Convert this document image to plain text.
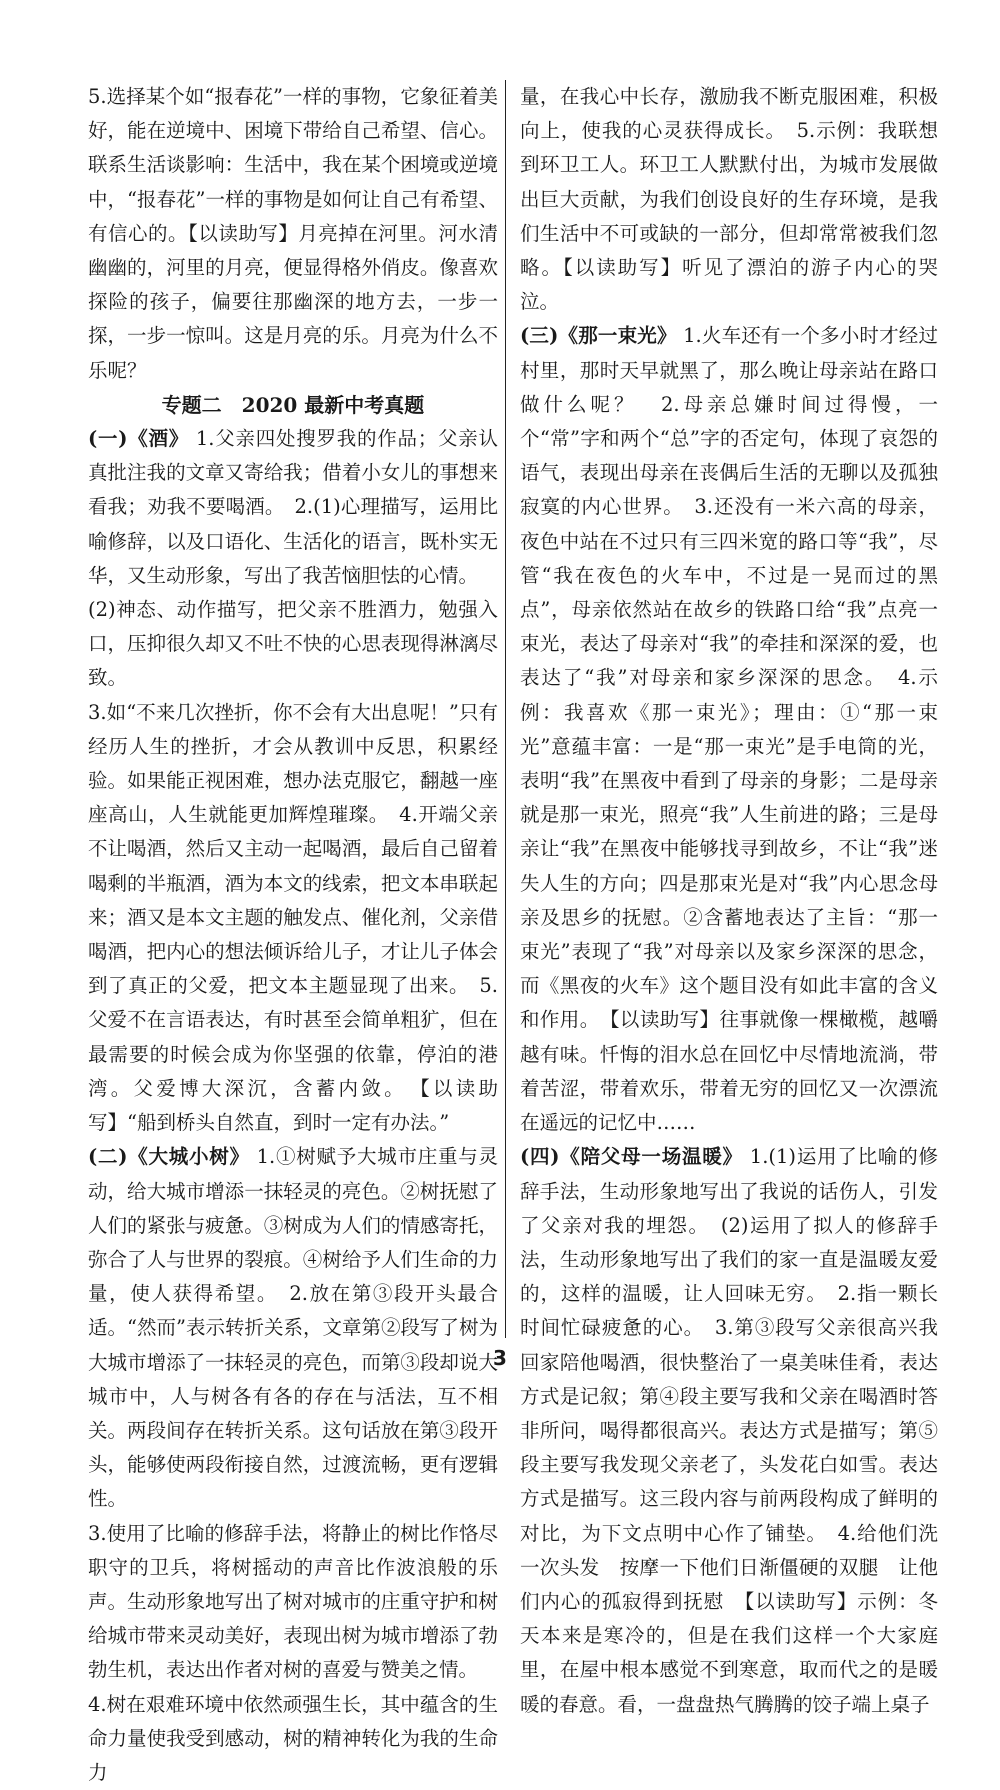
5.选择某个如“报春花”一样的事物，它象征着美好，能在逆境中、困境下带给自己希望、信心。联系生活谈影响：生活中，我在某个困境或逆境中，“报春花”一样的事物是如何让自己有希望、有信心的。【以读助写】月亮掉在河里。河水清幽幽的，河里的月亮，便显得格外俏皮。像喜欢探险的孩子，偏要往那幽深的地方去，一步一探，一步一惊叫。这是月亮的乐。月亮为什么不乐呢？

专题二　2020 最新中考真题

(一)《酒》 1.父亲四处搜罗我的作品；父亲认真批注我的文章又寄给我；借着小女儿的事想来看我；劝我不要喝酒。　2.(1)心理描写，运用比喻修辞，以及口语化、生活化的语言，既朴实无华，又生动形象，写出了我苦恼胆怯的心情。

(2)神态、动作描写，把父亲不胜酒力，勉强入口，压抑很久却又不吐不快的心思表现得淋漓尽致。

3.如“不来几次挫折，你不会有大出息呢！”只有经历人生的挫折，才会从教训中反思，积累经验。如果能正视困难，想办法克服它，翻越一座座高山，人生就能更加辉煌璀璨。　4.开端父亲不让喝酒，然后又主动一起喝酒，最后自己留着喝剩的半瓶酒，酒为本文的线索，把文本串联起来；酒又是本文主题的触发点、催化剂，父亲借喝酒，把内心的想法倾诉给儿子，才让儿子体会到了真正的父爱，把文本主题显现了出来。　5.父爱不在言语表达，有时甚至会简单粗犷，但在最需要的时候会成为你坚强的依靠，停泊的港湾。父爱博大深沉，含蓄内敛。　【以读助写】“船到桥头自然直，到时一定有办法。”

(二)《大城小树》 1.①树赋予大城市庄重与灵动，给大城市增添一抹轻灵的亮色。②树抚慰了人们的紧张与疲惫。③树成为人们的情感寄托，弥合了人与世界的裂痕。④树给予人们生命的力量，使人获得希望。　2.放在第③段开头最合适。“然而”表示转折关系，文章第②段写了树为大城市增添了一抹轻灵的亮色，而第③段却说大城市中，人与树各有各的存在与活法，互不相关。两段间存在转折关系。这句话放在第③段开头，能够使两段衔接自然，过渡流畅，更有逻辑性。

3.使用了比喻的修辞手法，将静止的树比作恪尽职守的卫兵，将树摇动的声音比作波浪般的乐声。生动形象地写出了树对城市的庄重守护和树给城市带来灵动美好，表现出树为城市增添了勃勃生机，表达出作者对树的喜爱与赞美之情。

4.树在艰难环境中依然顽强生长，其中蕴含的生命力量使我受到感动，树的精神转化为我的生命力

量，在我心中长存，激励我不断克服困难，积极向上，使我的心灵获得成长。　5.示例：我联想到环卫工人。环卫工人默默付出，为城市发展做出巨大贡献，为我们创设良好的生存环境，是我们生活中不可或缺的一部分，但却常常被我们忽略。【以读助写】听见了漂泊的游子内心的哭泣。

(三)《那一束光》 1.火车还有一个多小时才经过村里，那时天早就黑了，那么晚让母亲站在路口做什么呢？　2.母亲总嫌时间过得慢，一个“常”字和两个“总”字的否定句，体现了哀怨的语气，表现出母亲在丧偶后生活的无聊以及孤独寂寞的内心世界。　3.还没有一米六高的母亲，夜色中站在不过只有三四米宽的路口等“我”，尽管“我在夜色的火车中，不过是一晃而过的黑点”，母亲依然站在故乡的铁路口给“我”点亮一束光，表达了母亲对“我”的牵挂和深深的爱，也表达了“我”对母亲和家乡深深的思念。　4.示例：我喜欢《那一束光》；理由：①“那一束光”意蕴丰富：一是“那一束光”是手电筒的光，表明“我”在黑夜中看到了母亲的身影；二是母亲就是那一束光，照亮“我”人生前进的路；三是母亲让“我”在黑夜中能够找寻到故乡，不让“我”迷失人生的方向；四是那束光是对“我”内心思念母亲及思乡的抚慰。②含蓄地表达了主旨：“那一束光”表现了“我”对母亲以及家乡深深的思念，而《黑夜的火车》这个题目没有如此丰富的含义和作用。　【以读助写】往事就像一棵橄榄，越嚼越有味。忏悔的泪水总在回忆中尽情地流淌，带着苦涩，带着欢乐，带着无穷的回忆又一次漂流在遥远的记忆中……

(四)《陪父母一场温暖》 1.(1)运用了比喻的修辞手法，生动形象地写出了我说的话伤人，引发了父亲对我的埋怨。　(2)运用了拟人的修辞手法，生动形象地写出了我们的家一直是温暖友爱的，这样的温暖，让人回味无穷。　2.指一颗长时间忙碌疲惫的心。　3.第③段写父亲很高兴我回家陪他喝酒，很快整治了一桌美味佳肴，表达方式是记叙；第④段主要写我和父亲在喝酒时答非所问，喝得都很高兴。表达方式是描写；第⑤段主要写我发现父亲老了，头发花白如雪。表达方式是描写。这三段内容与前两段构成了鲜明的对比，为下文点明中心作了铺垫。　4.给他们洗一次头发　按摩一下他们日渐僵硬的双腿　让他们内心的孤寂得到抚慰　【以读助写】示例：冬天本来是寒冷的，但是在我们这样一个大家庭里，在屋中根本感觉不到寒意，取而代之的是暖暖的春意。看，一盘盘热气腾腾的饺子端上桌子

3
